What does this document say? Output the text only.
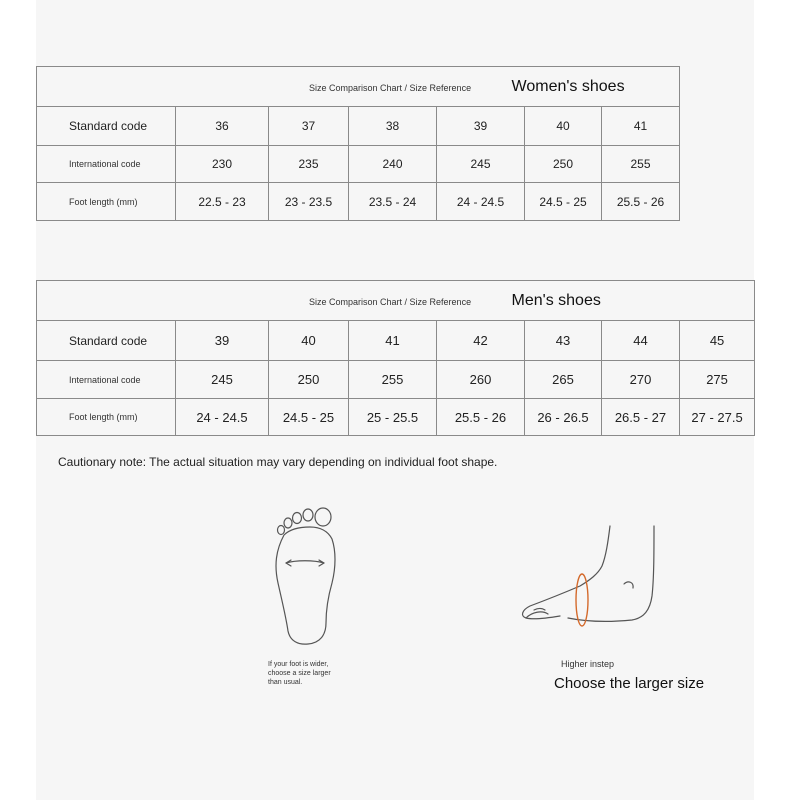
Size Comparison Chart / Size Reference Women's shoes						
Standard code	36	37	38	39	40	41
International code	230	235	240	245	250	255
Foot length (mm)	22.5 - 23	23 - 23.5	23.5 - 24	24 - 24.5	24.5 - 25	25.5 - 26
Size Comparison Chart / Size Reference Men's shoes							
Standard code	39	40	41	42	43	44	45
International code	245	250	255	260	265	270	275
Foot length (mm)	24 - 24.5	24.5 - 25	25 - 25.5	25.5 - 26	26 - 26.5	26.5 - 27	27 - 27.5
Cautionary note: The actual situation may vary depending on individual foot shape.
If your foot is wider,
choose a size larger
than usual.
Higher instep
Choose the larger size
